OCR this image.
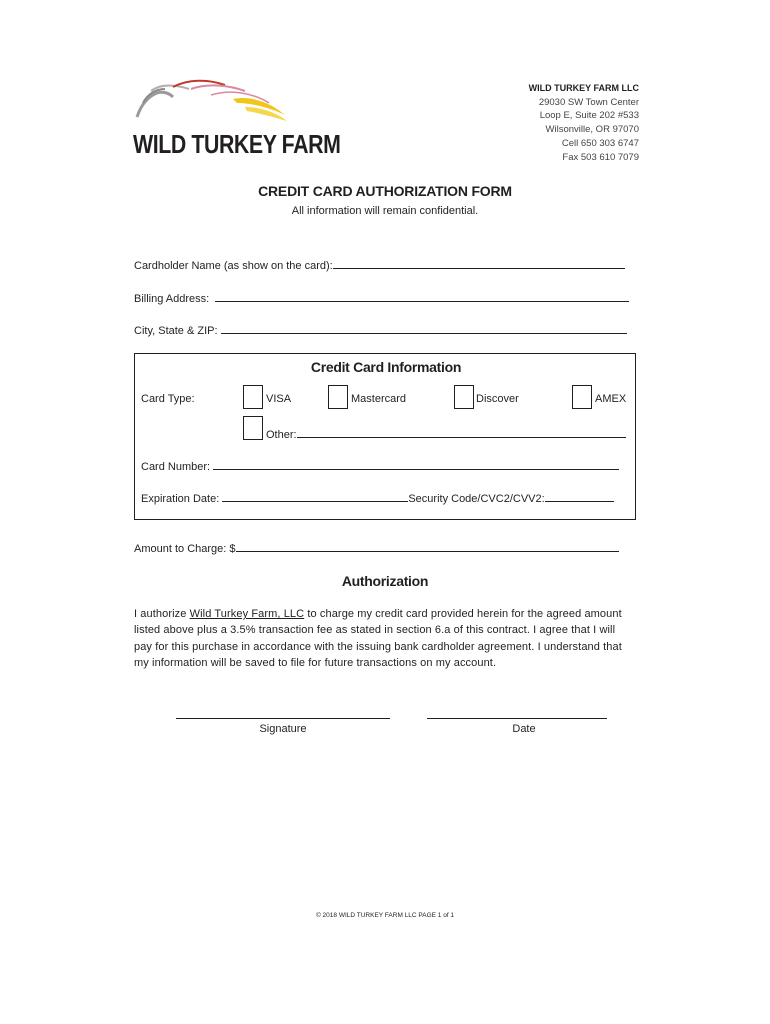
WILD TURKEY FARM
WILD TURKEY FARM LLC
29030 SW Town Center
Loop E, Suite 202 #533
Wilsonville, OR 97070
Cell 650 303 6747
Fax 503 610 7079
CREDIT CARD AUTHORIZATION FORM
All information will remain confidential.
Cardholder Name (as show on the card):
Billing Address:
City, State & ZIP:
Credit Card Information
Card Type:	VISA	Mastercard	Discover	AMEX
Other:
Card Number:
Expiration Date:	Security Code/CVC2/CVV2:
Amount to Charge: $
Authorization
I authorize Wild Turkey Farm, LLC to charge my credit card provided herein for the agreed amount listed above plus a 3.5% transaction fee as stated in section 6.a of this contract. I agree that I will pay for this purchase in accordance with the issuing bank cardholder agreement. I understand that my information will be saved to file for future transactions on my account.
Signature	Date
© 2018 WILD TURKEY FARM LLC PAGE 1 of 1
